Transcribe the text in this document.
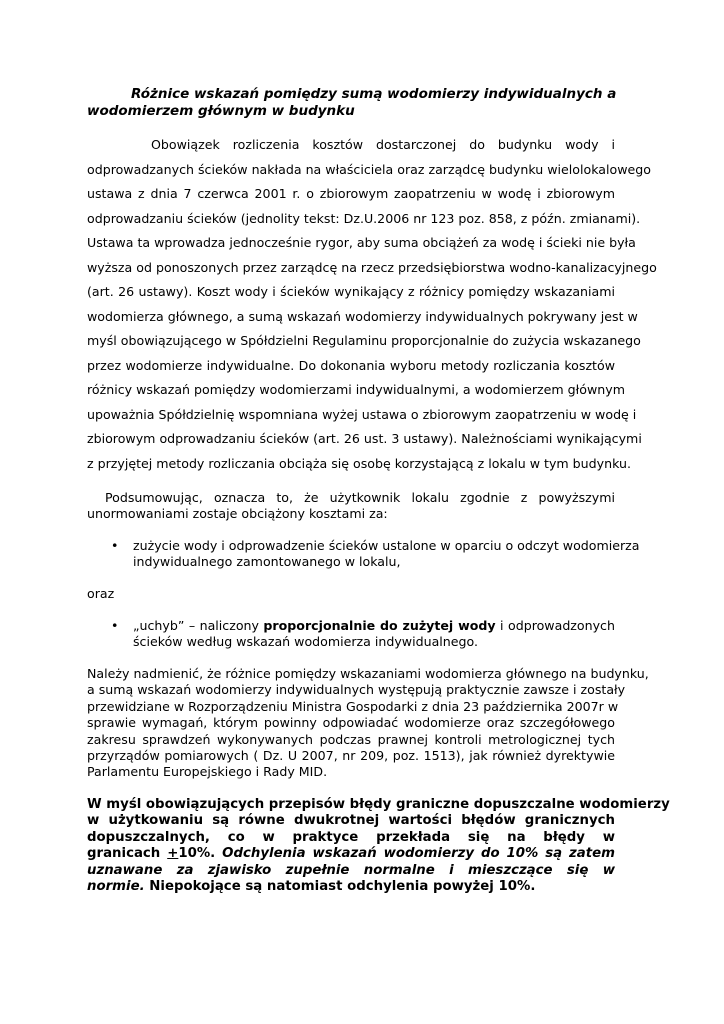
Różnice wskazań pomiędzy sumą wodomierzy indywidualnych a
wodomierzem głównym w budynku
Obowiązek rozliczenia kosztów dostarczonej do budynku wody i
odprowadzanych ścieków nakłada na właściciela oraz zarządcę budynku wielolokalowego
ustawa z dnia 7 czerwca 2001 r. o zbiorowym zaopatrzeniu w wodę i zbiorowym
odprowadzaniu ścieków (jednolity tekst: Dz.U.2006 nr 123 poz. 858, z późn. zmianami).
Ustawa ta wprowadza jednocześnie rygor, aby suma obciążeń za wodę i ścieki nie była
wyższa od ponoszonych przez zarządcę na rzecz przedsiębiorstwa wodno-kanalizacyjnego
(art. 26 ustawy). Koszt wody i ścieków wynikający z różnicy pomiędzy wskazaniami
wodomierza głównego, a sumą wskazań wodomierzy indywidualnych pokrywany jest w
myśl obowiązującego w Spółdzielni Regulaminu proporcjonalnie do zużycia wskazanego
przez wodomierze indywidualne. Do dokonania wyboru metody rozliczania kosztów
różnicy wskazań pomiędzy wodomierzami indywidualnymi, a wodomierzem głównym
upoważnia Spółdzielnię wspomniana wyżej ustawa o zbiorowym zaopatrzeniu w wodę i
zbiorowym odprowadzaniu ścieków (art. 26 ust. 3 ustawy). Należnościami wynikającymi
z przyjętej metody rozliczania obciąża się osobę korzystającą z lokalu w tym budynku.
Podsumowując, oznacza to, że użytkownik lokalu zgodnie z powyższymi
unormowaniami zostaje obciążony kosztami za:
• zużycie wody i odprowadzenie ścieków ustalone w oparciu o odczyt wodomierza
indywidualnego zamontowanego w lokalu,
oraz
• „uchyb” – naliczony proporcjonalnie do zużytej wody i odprowadzonych
ścieków według wskazań wodomierza indywidualnego.
Należy nadmienić, że różnice pomiędzy wskazaniami wodomierza głównego na budynku,
a sumą wskazań wodomierzy indywidualnych występują praktycznie zawsze i zostały
przewidziane w Rozporządzeniu Ministra Gospodarki z dnia 23 października 2007r w
sprawie wymagań, którym powinny odpowiadać wodomierze oraz szczegółowego
zakresu sprawdzeń wykonywanych podczas prawnej kontroli metrologicznej tych
przyrządów pomiarowych ( Dz. U 2007, nr 209, poz. 1513), jak również dyrektywie
Parlamentu Europejskiego i Rady MID.
W myśl obowiązujących przepisów błędy graniczne dopuszczalne wodomierzy
w użytkowaniu są równe dwukrotnej wartości błędów granicznych
dopuszczalnych, co w praktyce przekłada się na błędy w
granicach +10%. Odchylenia wskazań wodomierzy do 10% są zatem
uznawane za zjawisko zupełnie normalne i mieszczące się w
normie. Niepokojące są natomiast odchylenia powyżej 10%.
